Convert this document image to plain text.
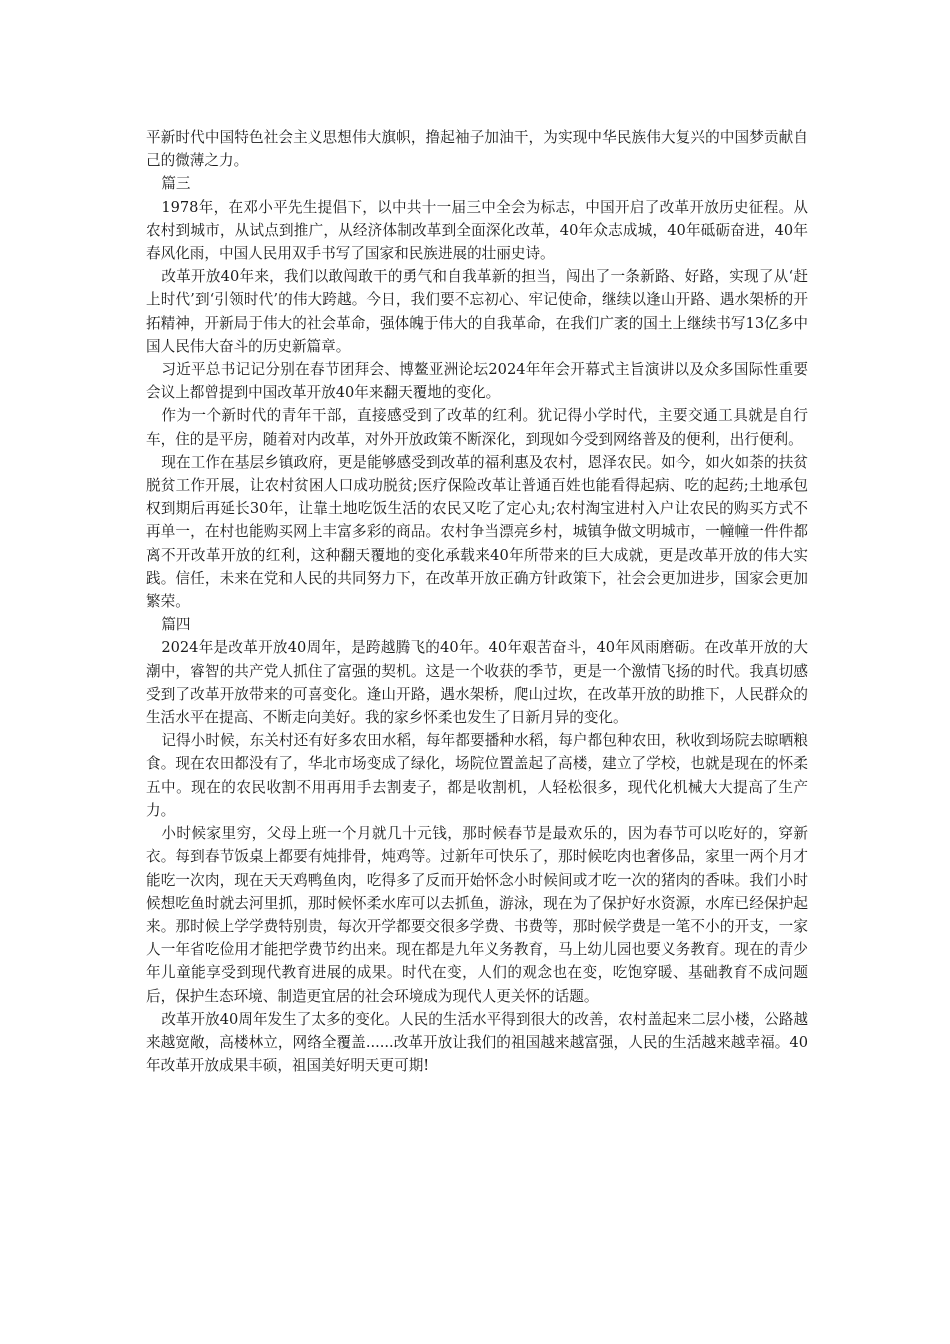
平新时代中国特色社会主义思想伟大旗帜，撸起袖子加油干，为实现中华民族伟大复兴的中国梦贡献自己的微薄之力。

篇三

1978年，在邓小平先生提倡下，以中共十一届三中全会为标志，中国开启了改革开放历史征程。从农村到城市，从试点到推广，从经济体制改革到全面深化改革，40年众志成城，40年砥砺奋进，40年春风化雨，中国人民用双手书写了国家和民族进展的壮丽史诗。

改革开放40年来，我们以敢闯敢干的勇气和自我革新的担当，闯出了一条新路、好路，实现了从‘赶上时代’到‘引领时代’的伟大跨越。今日，我们要不忘初心、牢记使命，继续以逢山开路、遇水架桥的开拓精神，开新局于伟大的社会革命，强体魄于伟大的自我革命，在我们广袤的国土上继续书写13亿多中国人民伟大奋斗的历史新篇章。

习近平总书记记分别在春节团拜会、博鳌亚洲论坛2024年年会开幕式主旨演讲以及众多国际性重要会议上都曾提到中国改革开放40年来翻天覆地的变化。

作为一个新时代的青年干部，直接感受到了改革的红利。犹记得小学时代，主要交通工具就是自行车，住的是平房，随着对内改革，对外开放政策不断深化，到现如今受到网络普及的便利，出行便利。

现在工作在基层乡镇政府，更是能够感受到改革的福利惠及农村，恩泽农民。如今，如火如荼的扶贫脱贫工作开展，让农村贫困人口成功脱贫;医疗保险改革让普通百姓也能看得起病、吃的起药;土地承包权到期后再延长30年，让靠土地吃饭生活的农民又吃了定心丸;农村淘宝进村入户让农民的购买方式不再单一，在村也能购买网上丰富多彩的商品。农村争当漂亮乡村，城镇争做文明城市，一幢幢一件件都离不开改革开放的红利，这种翻天覆地的变化承载来40年所带来的巨大成就，更是改革开放的伟大实践。信任，未来在党和人民的共同努力下，在改革开放正确方针政策下，社会会更加进步，国家会更加繁荣。

篇四

2024年是改革开放40周年，是跨越腾飞的40年。40年艰苦奋斗，40年风雨磨砺。在改革开放的大潮中，睿智的共产党人抓住了富强的契机。这是一个收获的季节，更是一个激情飞扬的时代。我真切感受到了改革开放带来的可喜变化。逢山开路，遇水架桥，爬山过坎，在改革开放的助推下，人民群众的生活水平在提高、不断走向美好。我的家乡怀柔也发生了日新月异的变化。

记得小时候，东关村还有好多农田水稻，每年都要播种水稻，每户都包种农田，秋收到场院去晾晒粮食。现在农田都没有了，华北市场变成了绿化，场院位置盖起了高楼，建立了学校，也就是现在的怀柔五中。现在的农民收割不用再用手去割麦子，都是收割机，人轻松很多，现代化机械大大提高了生产力。

小时候家里穷，父母上班一个月就几十元钱，那时候春节是最欢乐的，因为春节可以吃好的，穿新衣。每到春节饭桌上都要有炖排骨，炖鸡等。过新年可快乐了，那时候吃肉也奢侈品，家里一两个月才能吃一次肉，现在天天鸡鸭鱼肉，吃得多了反而开始怀念小时候间或才吃一次的猪肉的香味。我们小时候想吃鱼时就去河里抓，那时候怀柔水库可以去抓鱼，游泳，现在为了保护好水资源，水库已经保护起来。那时候上学学费特别贵，每次开学都要交很多学费、书费等，那时候学费是一笔不小的开支，一家人一年省吃俭用才能把学费节约出来。现在都是九年义务教育，马上幼儿园也要义务教育。现在的青少年儿童能享受到现代教育进展的成果。时代在变，人们的观念也在变，吃饱穿暖、基础教育不成问题后，保护生态环境、制造更宜居的社会环境成为现代人更关怀的话题。

改革开放40周年发生了太多的变化。人民的生活水平得到很大的改善，农村盖起来二层小楼，公路越来越宽敞，高楼林立，网络全覆盖......改革开放让我们的祖国越来越富强，人民的生活越来越幸福。40年改革开放成果丰硕，祖国美好明天更可期!
